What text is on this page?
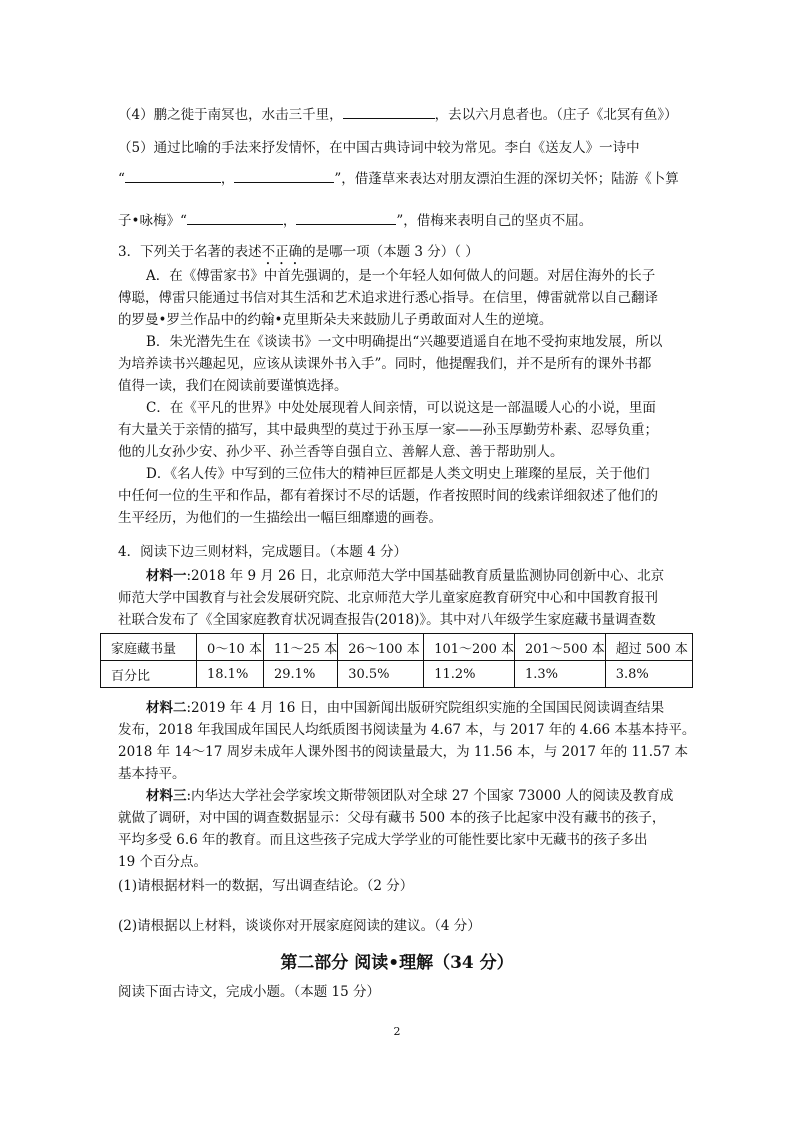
（4）鹏之徙于南冥也，水击三千里，	，去以六月息者也。（庄子《北冥有鱼》）
（5）通过比喻的手法来抒发情怀，在中国古典诗词中较为常见。李白《送友人》一诗中
“	，	”，借蓬草来表达对朋友漂泊生涯的深切关怀；陆游《卜算
子•咏梅》“	，	”，借梅来表明自己的坚贞不屈。
3．下列关于名著的表述不正确的是哪一项（本题 3 分）（ ）
A．在《傅雷家书》中首先强调的，是一个年轻人如何做人的问题。对居住海外的长子
傅聪，傅雷只能通过书信对其生活和艺术追求进行悉心指导。在信里，傅雷就常以自己翻译
的罗曼•罗兰作品中的约翰•克里斯朵夫来鼓励儿子勇敢面对人生的逆境。
B．朱光潜先生在《谈读书》一文中明确提出“兴趣要逍遥自在地不受拘束地发展，所以
为培养读书兴趣起见，应该从读课外书入手”。同时，他提醒我们，并不是所有的课外书都
值得一读，我们在阅读前要谨慎选择。
C．在《平凡的世界》中处处展现着人间亲情，可以说这是一部温暖人心的小说，里面
有大量关于亲情的描写，其中最典型的莫过于孙玉厚一家——孙玉厚勤劳朴素、忍辱负重；
他的儿女孙少安、孙少平、孙兰香等自强自立、善解人意、善于帮助别人。
D．《名人传》中写到的三位伟大的精神巨匠都是人类文明史上璀璨的星辰，关于他们
中任何一位的生平和作品，都有着探讨不尽的话题，作者按照时间的线索详细叙述了他们的
生平经历，为他们的一生描绘出一幅巨细靡遗的画卷。
4．阅读下边三则材料，完成题目。（本题 4 分）
材料一:2018 年 9 月 26 日，北京师范大学中国基础教育质量监测协同创新中心、北京
师范大学中国教育与社会发展研究院、北京师范大学儿童家庭教育研究中心和中国教育报刊
社联合发布了《全国家庭教育状况调查报告(2018)》。其中对八年级学生家庭藏书量调查数
家庭藏书量	0～10 本	11～25 本	26～100 本	101～200 本	201～500 本	超过 500 本
百分比	18.1%	29.1%	30.5%	11.2%	1.3%	3.8%
材料二:2019 年 4 月 16 日，由中国新闻出版研究院组织实施的全国国民阅读调查结果
发布，2018 年我国成年国民人均纸质图书阅读量为 4.67 本，与 2017 年的 4.66 本基本持平。
2018 年 14～17 周岁未成年人课外图书的阅读量最大，为 11.56 本，与 2017 年的 11.57 本
基本持平。
材料三:内华达大学社会学家埃文斯带领团队对全球 27 个国家 73000 人的阅读及教育成
就做了调研，对中国的调查数据显示：父母有藏书 500 本的孩子比起家中没有藏书的孩子，
平均多受 6.6 年的教育。而且这些孩子完成大学学业的可能性要比家中无藏书的孩子多出
19 个百分点。
(1)请根据材料一的数据，写出调查结论。（2 分）
(2)请根据以上材料，谈谈你对开展家庭阅读的建议。（4 分）
第二部分 阅读•理解（34 分）
阅读下面古诗文，完成小题。（本题 15 分）
2
